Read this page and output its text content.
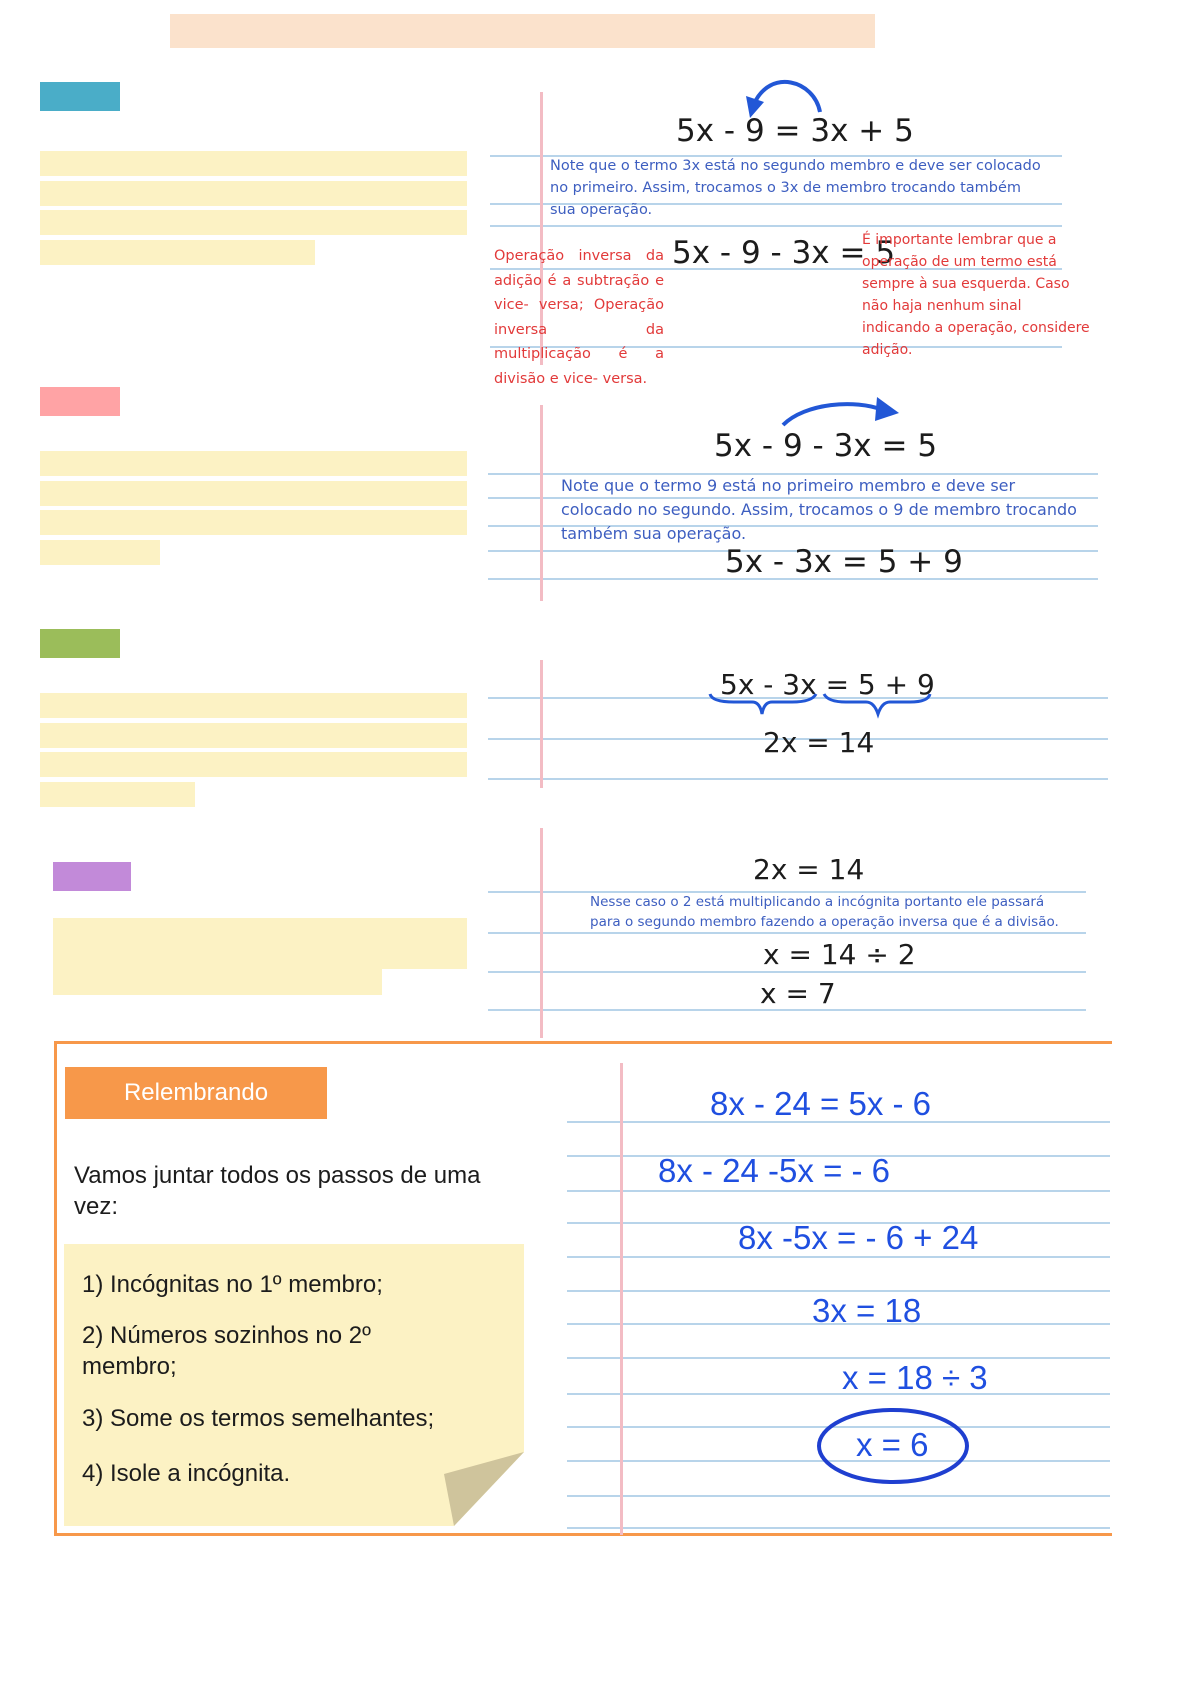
5x - 9 = 3x + 5
Note que o termo 3x está no segundo membro e deve ser colocado no primeiro. Assim, trocamos o 3x de membro trocando também sua operação.
Operação inversa da adição é a subtração e vice- versa; Operação inversa da multiplicação é a divisão e vice- versa.
5x - 9 - 3x = 5
É importante lembrar que a operação de um termo está sempre à sua esquerda. Caso não haja nenhum sinal indicando a operação, considere adição.
5x - 9 - 3x = 5
Note que o termo 9 está no primeiro membro e deve ser colocado no segundo. Assim, trocamos o 9 de membro trocando também sua operação.
5x - 3x = 5 + 9
5x - 3x = 5 + 9
2x = 14
2x = 14
Nesse caso o 2 está multiplicando a incógnita portanto ele passará para o segundo membro fazendo a operação inversa que é a divisão.
x = 14 ÷ 2
x = 7
Relembrando
Vamos juntar todos os passos de uma vez:
1) Incógnitas no 1º membro;
2) Números sozinhos no 2º membro;
3) Some os termos semelhantes;
4) Isole a incógnita.
8x - 24 = 5x - 6
8x - 24 -5x = - 6
8x -5x = - 6 + 24
3x = 18
x = 18 ÷ 3
x = 6
